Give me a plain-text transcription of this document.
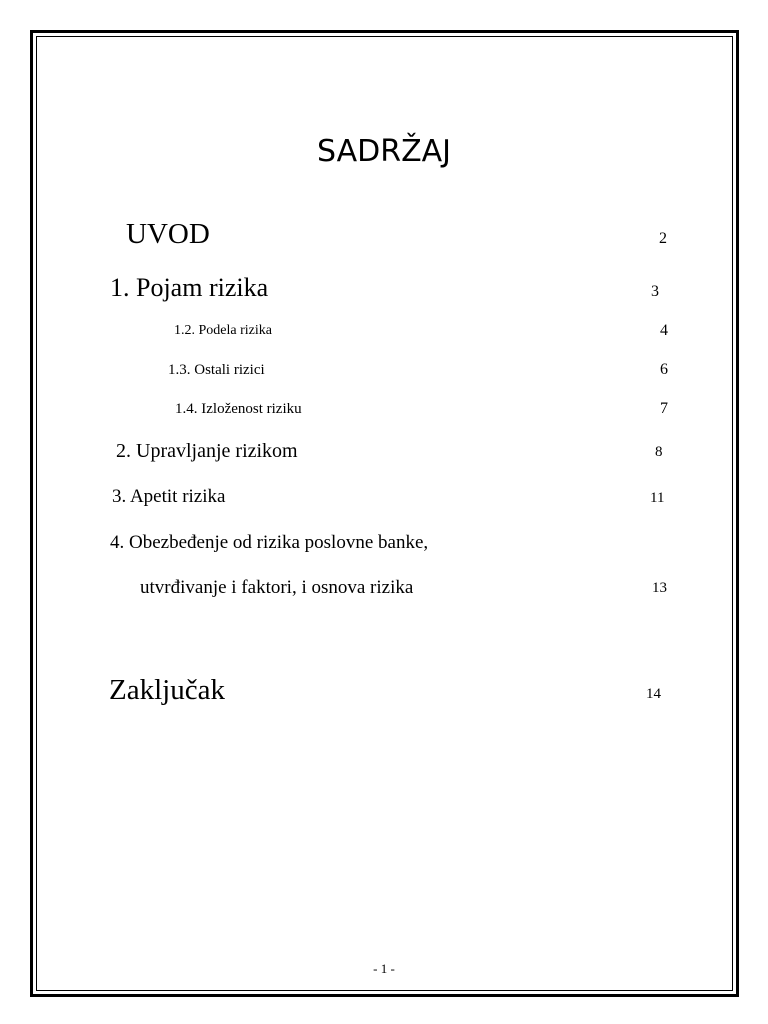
SADRŽAJ
UVOD	2
1. Pojam rizika	3
1.2. Podela rizika	4
1.3. Ostali rizici	6
1.4. Izloženost riziku	7
2. Upravljanje rizikom	8
3. Apetit rizika	11
4. Obezbeđenje od rizika poslovne banke,
utvrđivanje i faktori, i osnova rizika	13
Zaključak	14
- 1 -
